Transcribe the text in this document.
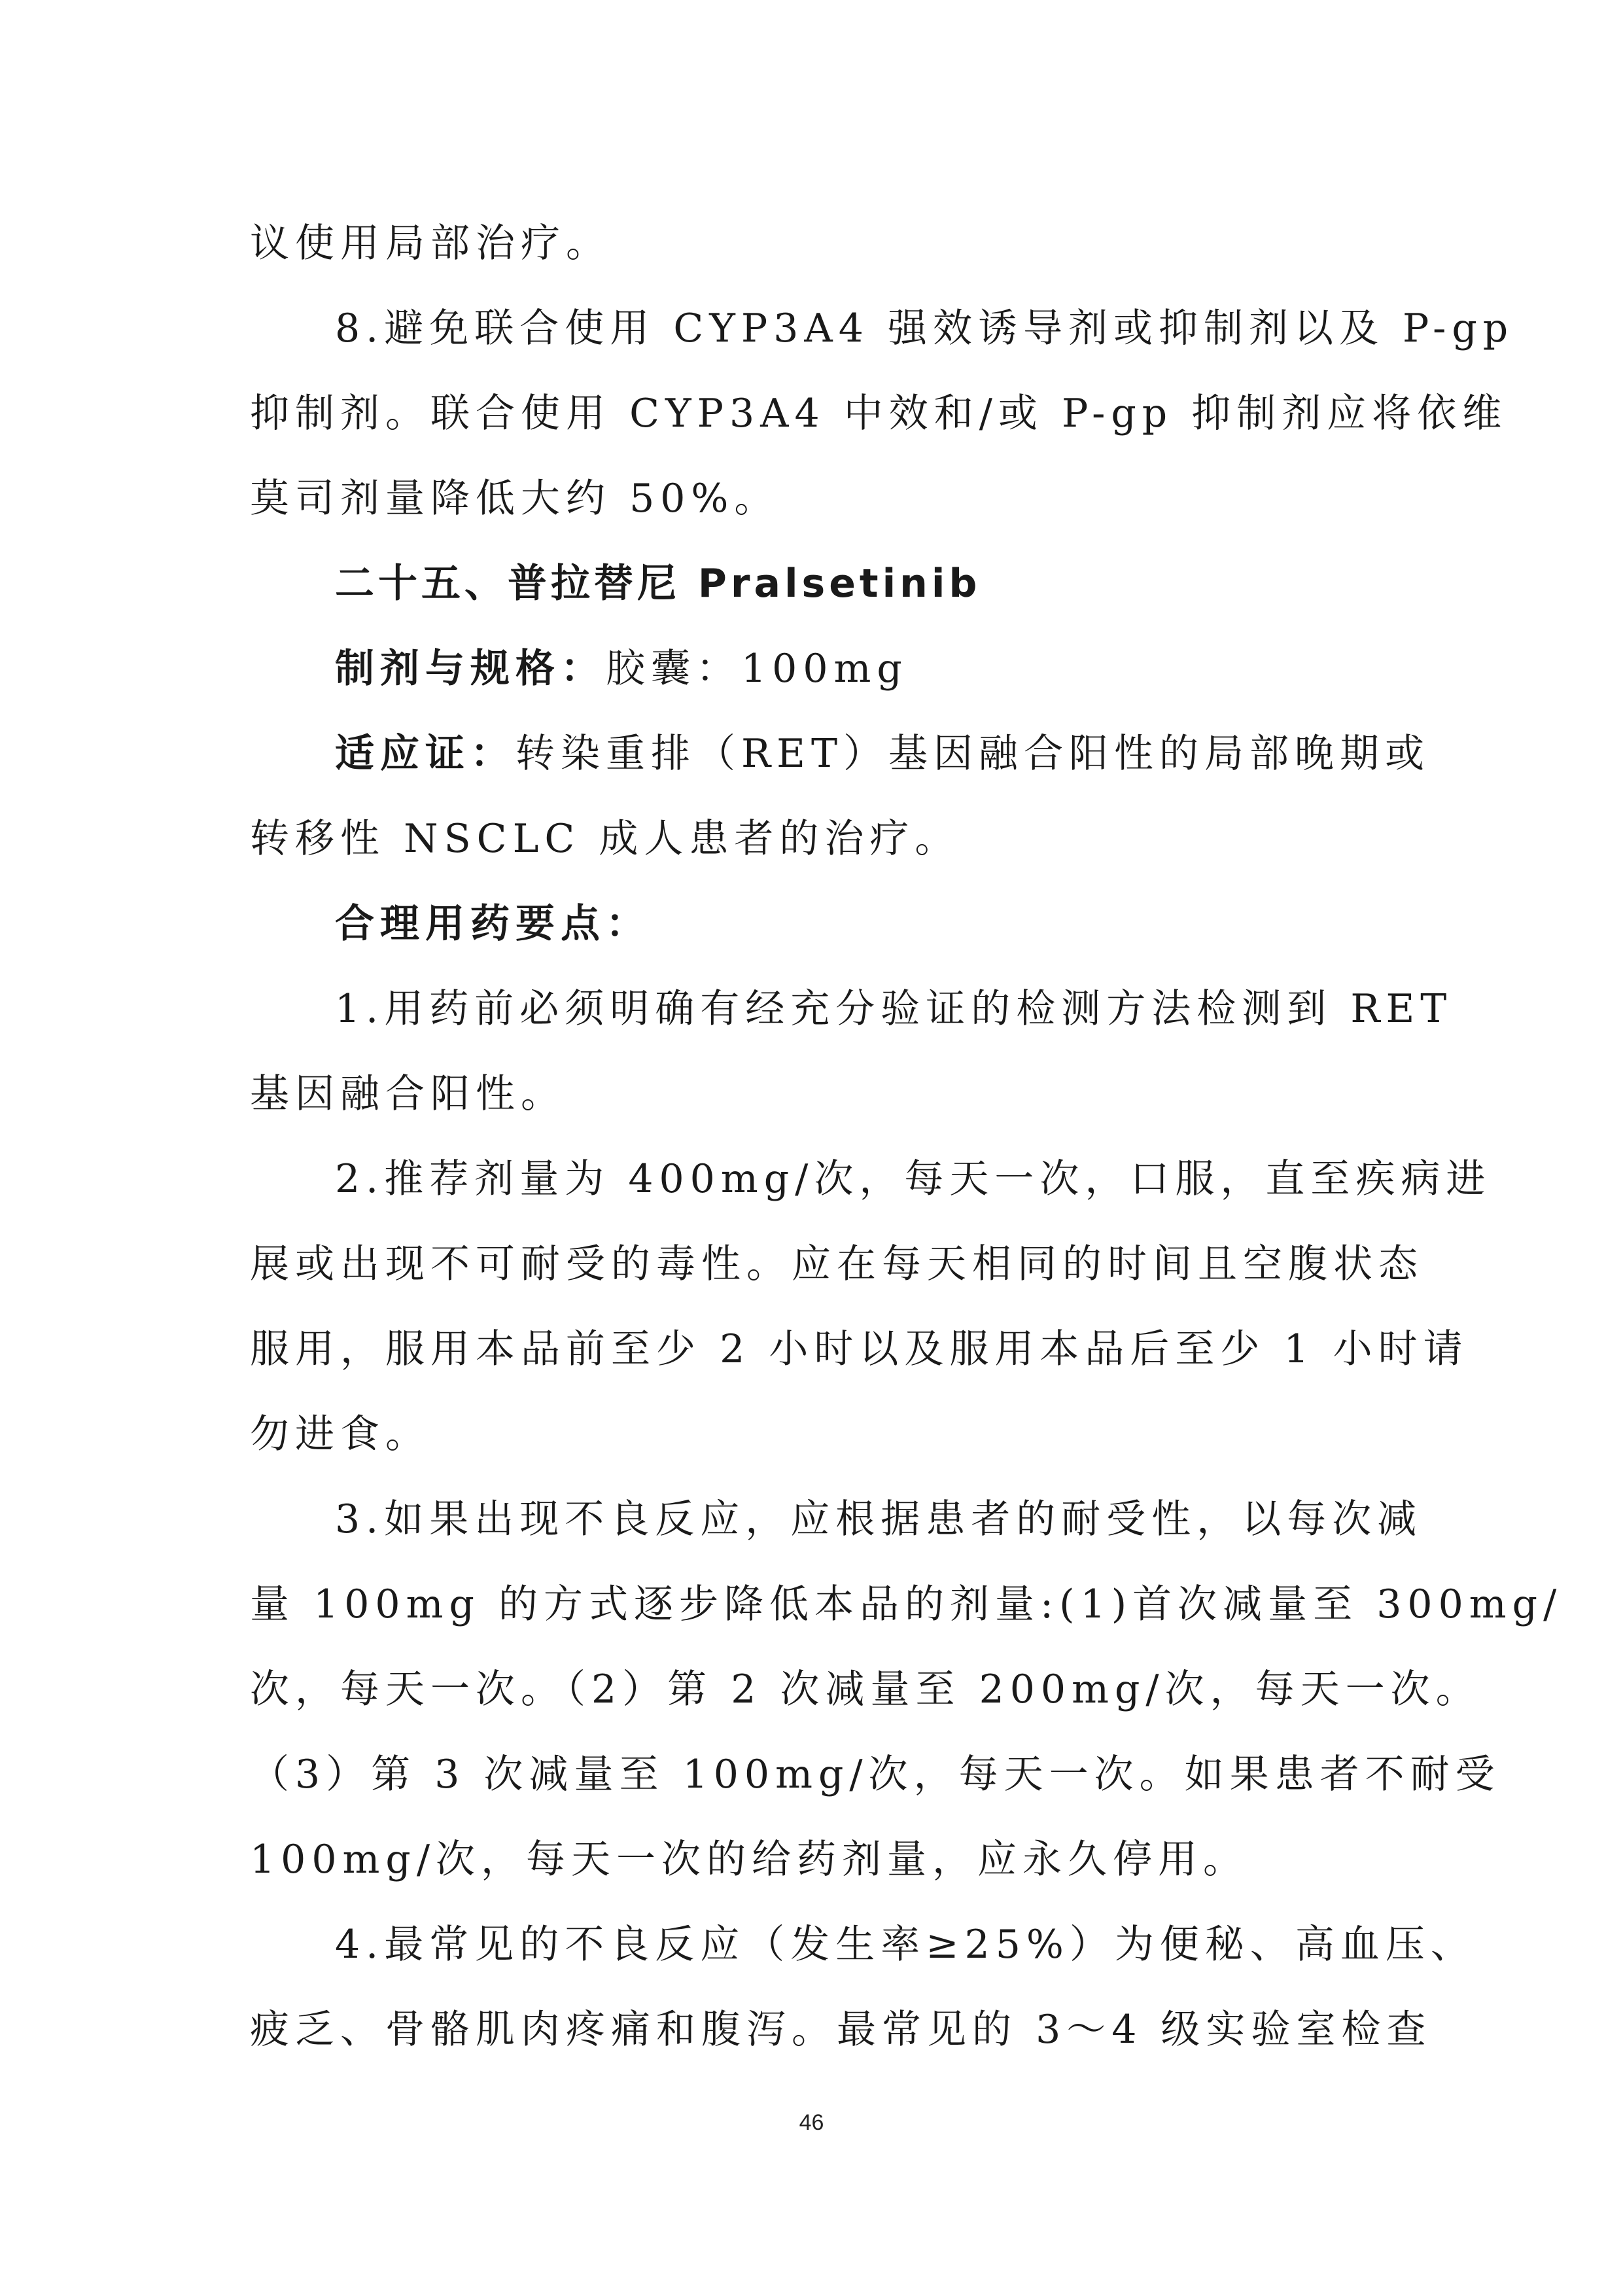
议使用局部治疗。
8.避免联合使用 CYP3A4 强效诱导剂或抑制剂以及 P-gp
抑制剂。联合使用 CYP3A4 中效和/或 P-gp 抑制剂应将依维
莫司剂量降低大约 50%。
二十五、普拉替尼 Pralsetinib
制剂与规格：胶囊：100mg
适应证：转染重排（RET）基因融合阳性的局部晚期或
转移性 NSCLC 成人患者的治疗。
合理用药要点：
1.用药前必须明确有经充分验证的检测方法检测到 RET
基因融合阳性。
2.推荐剂量为 400mg/次，每天一次，口服，直至疾病进
展或出现不可耐受的毒性。应在每天相同的时间且空腹状态
服用，服用本品前至少 2 小时以及服用本品后至少 1 小时请
勿进食。
3.如果出现不良反应，应根据患者的耐受性，以每次减
量 100mg 的方式逐步降低本品的剂量:(1)首次减量至 300mg/
次，每天一次。（2）第 2 次减量至 200mg/次，每天一次。
（3）第 3 次减量至 100mg/次，每天一次。如果患者不耐受
100mg/次，每天一次的给药剂量，应永久停用。
4.最常见的不良反应（发生率≥25%）为便秘、高血压、
疲乏、骨骼肌肉疼痛和腹泻。最常见的 3～4 级实验室检查
46
